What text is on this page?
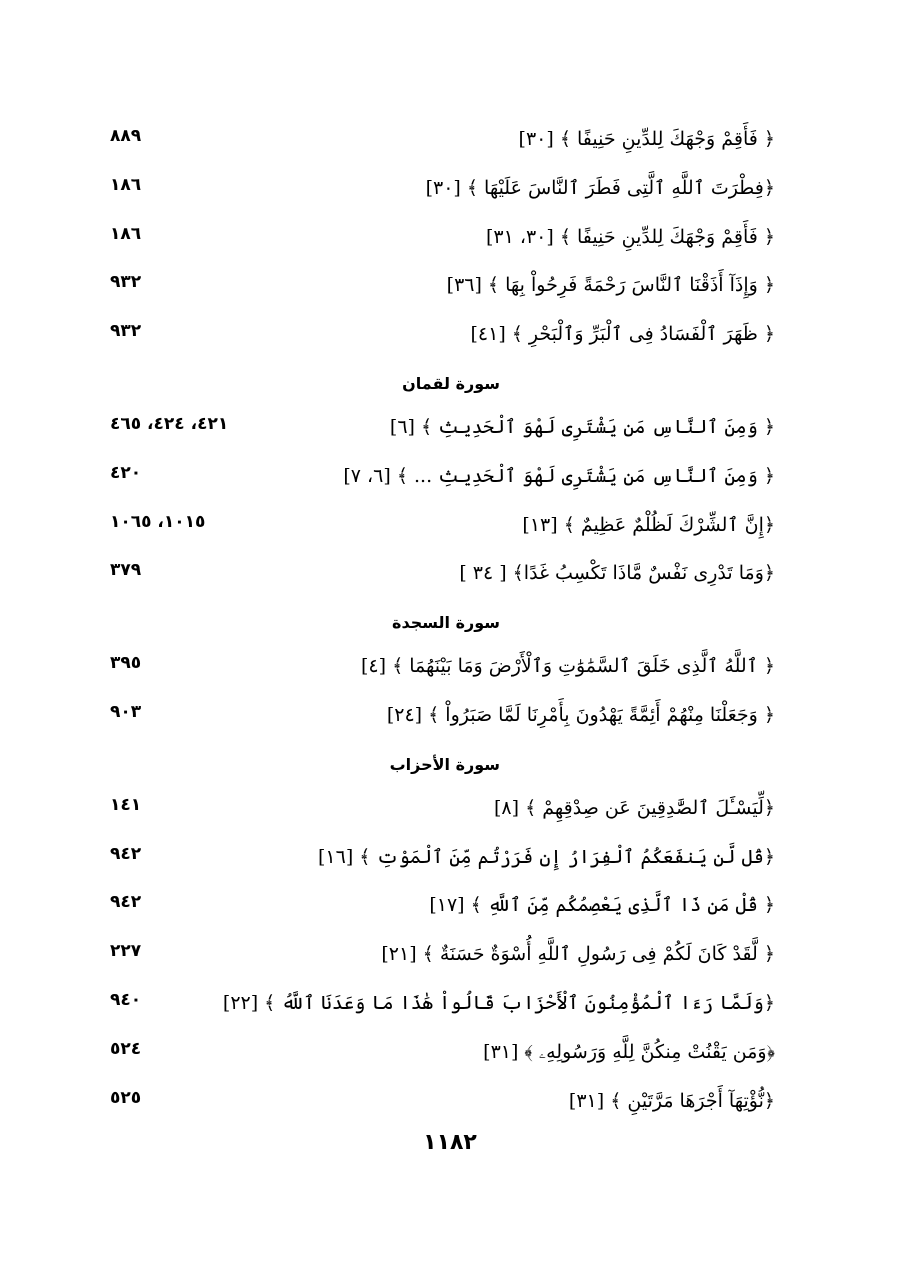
﴿ فَأَقِمْ وَجْهَكَ لِلدِّينِ حَنِيفًا ﴾ [٣٠]
٨٨٩
﴿فِطْرَتَ ٱللَّهِ ٱلَّتِى فَطَرَ ٱلنَّاسَ عَلَيْهَا ﴾ [٣٠]
١٨٦
﴿ فَأَقِمْ وَجْهَكَ لِلدِّينِ حَنِيفًا ﴾ [٣٠، ٣١]
١٨٦
﴿ وَإِذَآ أَذَقْنَا ٱلنَّاسَ رَحْمَةً فَرِحُواْ بِهَا ﴾ [٣٦]
٩٣٢
﴿ ظَهَرَ ٱلْفَسَادُ فِى ٱلْبَرِّ وَٱلْبَحْرِ ﴾ [٤١]
٩٣٢
سورة لقمان
﴿ وَمِنَ ٱلنَّاسِ مَن يَشْتَرِى لَهْوَ ٱلْحَدِيثِ ﴾ [٦]
٤٢١، ٤٢٤، ٤٦٥
﴿ وَمِنَ ٱلنَّاسِ مَن يَشْتَرِى لَهْوَ ٱلْحَدِيثِ ... ﴾ [٦، ٧]
٤٢٠
﴿إِنَّ ٱلشِّرْكَ لَظُلْمٌ عَظِيمٌ ﴾ [١٣]
١٠١٥، ١٠٦٥
﴿وَمَا تَدْرِى نَفْسٌ مَّاذَا تَكْسِبُ غَدًا﴾ [ ٣٤ ]
٣٧٩
سورة السجدة
﴿ ٱللَّهُ ٱلَّذِى خَلَقَ ٱلسَّمَٰوَٰتِ وَٱلْأَرْضَ وَمَا بَيْنَهُمَا ﴾ [٤]
٣٩٥
﴿ وَجَعَلْنَا مِنْهُمْ أَئِمَّةً يَهْدُونَ بِأَمْرِنَا لَمَّا صَبَرُواْ ﴾ [٢٤]
٩٠٣
سورة الأحزاب
﴿لِّيَسْـَٔلَ ٱلصَّٰدِقِينَ عَن صِدْقِهِمْ ﴾ [٨]
١٤١
﴿قُل لَّن يَنفَعَكُمُ ٱلْفِرَارُ إِن فَرَرْتُم مِّنَ ٱلْمَوْتِ ﴾ [١٦]
٩٤٢
﴿ قُلْ مَن ذَا ٱلَّذِى يَعْصِمُكُم مِّنَ ٱللَّهِ ﴾ [١٧]
٩٤٢
﴿ لَّقَدْ كَانَ لَكُمْ فِى رَسُولِ ٱللَّهِ أُسْوَةٌ حَسَنَةٌ ﴾ [٢١]
٢٢٧
﴿وَلَمَّا رَءَا ٱلْمُؤْمِنُونَ ٱلْأَحْزَابَ قَالُواْ هَٰذَا مَا وَعَدَنَا ٱللَّهُ ﴾ [٢٢]
٩٤٠
﴿وَمَن يَقْنُتْ مِنكُنَّ لِلَّهِ وَرَسُولِهِۦ ﴾ [٣١]
٥٢٤
﴿نُّؤْتِهَآ أَجْرَهَا مَرَّتَيْنِ ﴾ [٣١]
٥٢٥
١١٨٢
